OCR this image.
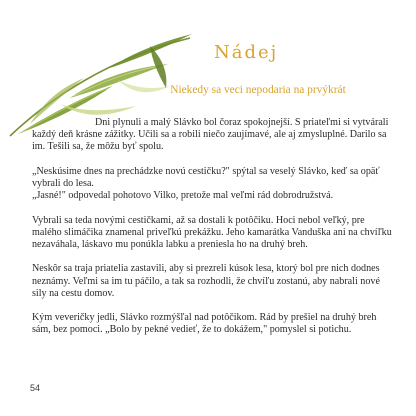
Nádej

Niekedy sa veci nepodaria na prvýkrát

Dni plynuli a malý Slávko bol čoraz spokojnejší. S priateľmi si vytvárali každý deň krásne zážitky. Učili sa a robili niečo zaujímavé, ale aj zmysluplné. Darilo sa im. Tešili sa, že môžu byť spolu.

„Neskúsime dnes na prechádzke novú cestičku?" spýtal sa veselý Slávko, keď sa opäť vybrali do lesa.

„Jasné!" odpovedal pohotovo Vilko, pretože mal veľmi rád dobrodružstvá.

Vybrali sa teda novými cestičkami, až sa dostali k potôčiku. Hoci nebol veľký, pre malého slimáčika znamenal priveľkú prekážku. Jeho kamarátka Vanduška ani na chvíľku nezaváhala, láskavo mu ponúkla labku a preniesla ho na druhý breh.

Neskôr sa traja priatelia zastavili, aby si prezreli kúsok lesa, ktorý bol pre nich dodnes neznámy. Veľmi sa im tu páčilo, a tak sa rozhodli, že chvíľu zostanú, aby nabrali nové sily na cestu domov.

Kým veveričky jedli, Slávko rozmýšľal nad potôčikom. Rád by prešiel na druhý breh sám, bez pomoci. „Bolo by pekné vedieť, že to dokážem," pomyslel si potichu.

54
